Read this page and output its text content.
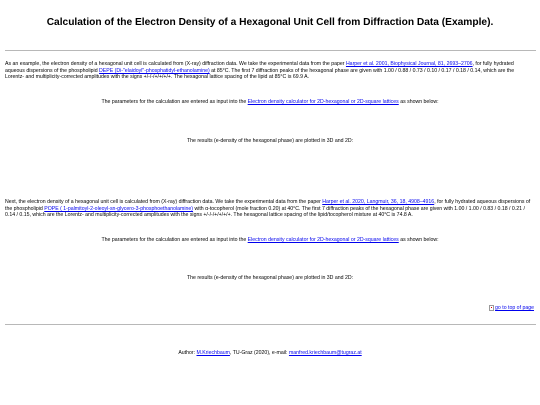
Calculation of the Electron Density of a Hexagonal Unit Cell from Diffraction Data (Example).
As an example, the electron density of a hexagonal unit cell is calculated from (X-ray) diffraction data. We take the experimental data from the paper Harper et al. 2001, Biophysical Journal, 81, 2693–2706, for fully hydrated aqueous dispersions of the phospholipid DEPE (Di-"elaidoyl"-phosphatidyl-ethanolamine) at 85°C. The first 7 diffraction peaks of the hexagonal phase are given with 1.00 / 0.88 / 0.73 / 0.10 / 0.17 / 0.18 / 0.14, which are the Lorentz- and multiplicity-corrected amplitudes with the signs +/-/-/+/+/+/+. The hexagonal lattice spacing of the lipid at 85°C is 69.9 A.
The parameters for the calculation are entered as input into the Electron density calculator for 2D-hexagonal or 2D-square lattices as shown below:
The results (e-density of the hexagonal phase) are plotted in 3D and 2D:
Next, the electron density of a hexagonal unit cell is calculated from (X-ray) diffraction data. We take the experimental data from the paper Harper et al. 2020, Langmuir, 36, 18, 4908–4916, for fully hydrated aqueous dispersions of the phospholipid POPE ( 1-palmitoyl-2-oleoyl-sn-glycero-3-phosphoethanolamine) with α-tocopherol (mole fraction 0.20) at 40°C. The first 7 diffraction peaks of the hexagonal phase are given with 1.00 / 1.00 / 0.83 / 0.18 / 0.21 / 0.14 / 0.15, which are the Lorentz- and multiplicity-corrected amplitudes with the signs +/-/-/+/+/+/+. The hexagonal lattice spacing of the lipid/tocopherol mixture at 40°C is 74.8 A.
The parameters for the calculation are entered as input into the Electron density calculator for 2D-hexagonal or 2D-square lattices as shown below:
The results (e-density of the hexagonal phase) are plotted in 3D and 2D:
go to top of page
Author: M.Kriechbaum, TU-Graz (2020), e-mail: manfred.kriechbaum@tugraz.at
